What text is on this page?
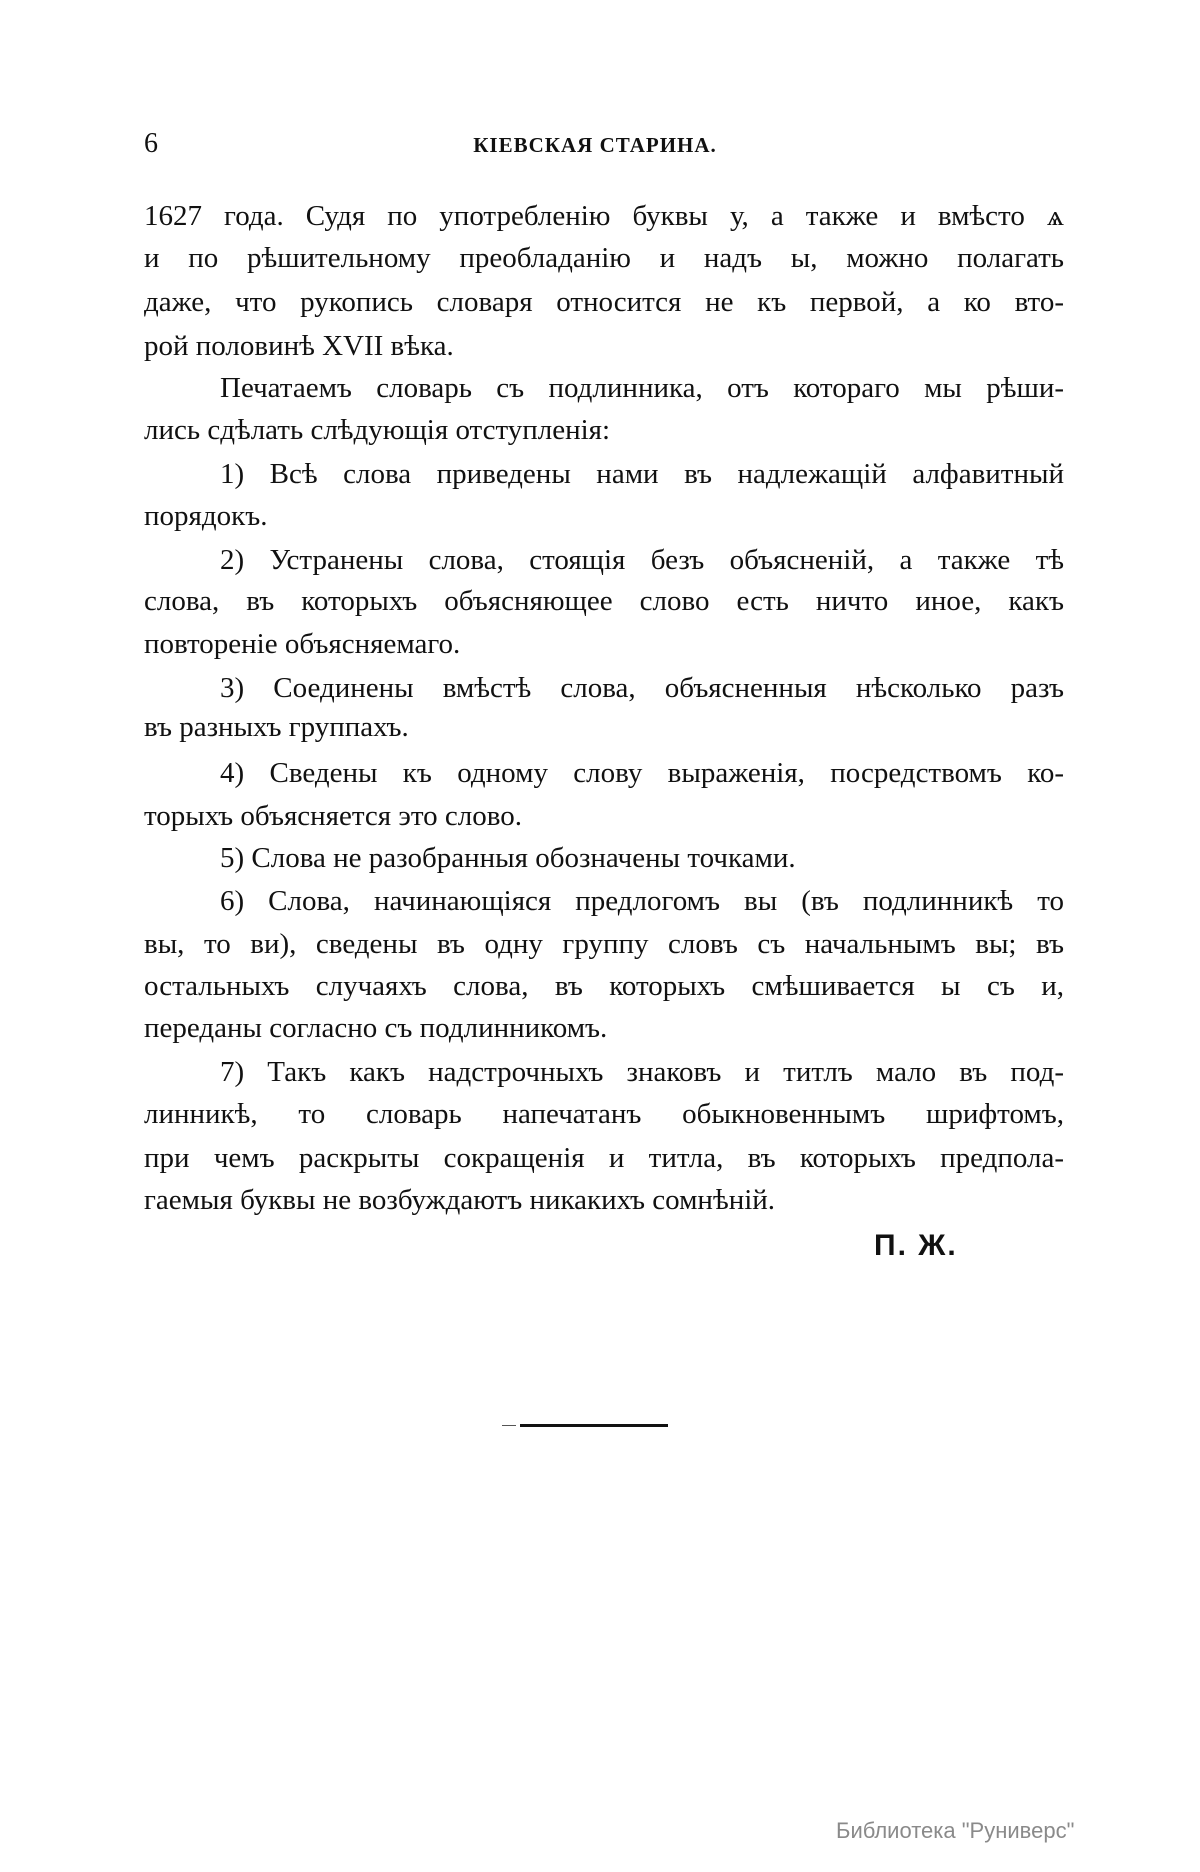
6	КІЕВСКАЯ СТАРИНА.
1627 года. Судя по употребленію буквы у, а также и вмѣсто ѧ
и по рѣшительному преобладанію и надъ ы, можно полагать
даже, что рукопись словаря относится не къ первой, а ко вто-
рой половинѣ XVII вѣка.
Печатаемъ словарь съ подлинника, отъ котораго мы рѣши-
лись сдѣлать слѣдующія отступленія:
1) Всѣ слова приведены нами въ надлежащій алфавитный
порядокъ.
2) Устранены слова, стоящія безъ объясненій, а также тѣ
слова, въ которыхъ объясняющее слово есть ничто иное, какъ
повтореніе объясняемаго.
3) Соединены вмѣстѣ слова, объясненныя нѣсколько разъ
въ разныхъ группахъ.
4) Сведены къ одному слову выраженія, посредствомъ ко-
торыхъ объясняется это слово.
5) Слова не разобранныя обозначены точками.
6) Слова, начинающіяся предлогомъ вы (въ подлинникѣ то
вы, то ви), сведены въ одну группу словъ съ начальнымъ вы; въ
остальныхъ случаяхъ слова, въ которыхъ смѣшивается ы съ и,
переданы согласно съ подлинникомъ.
7) Такъ какъ надстрочныхъ знаковъ и титлъ мало въ под-
линникѣ, то словарь напечатанъ обыкновеннымъ шрифтомъ,
при чемъ раскрыты сокращенія и титла, въ которыхъ предпола-
гаемыя буквы не возбуждаютъ никакихъ сомнѣній.
П. Ж.
Библиотека "Руниверс"
